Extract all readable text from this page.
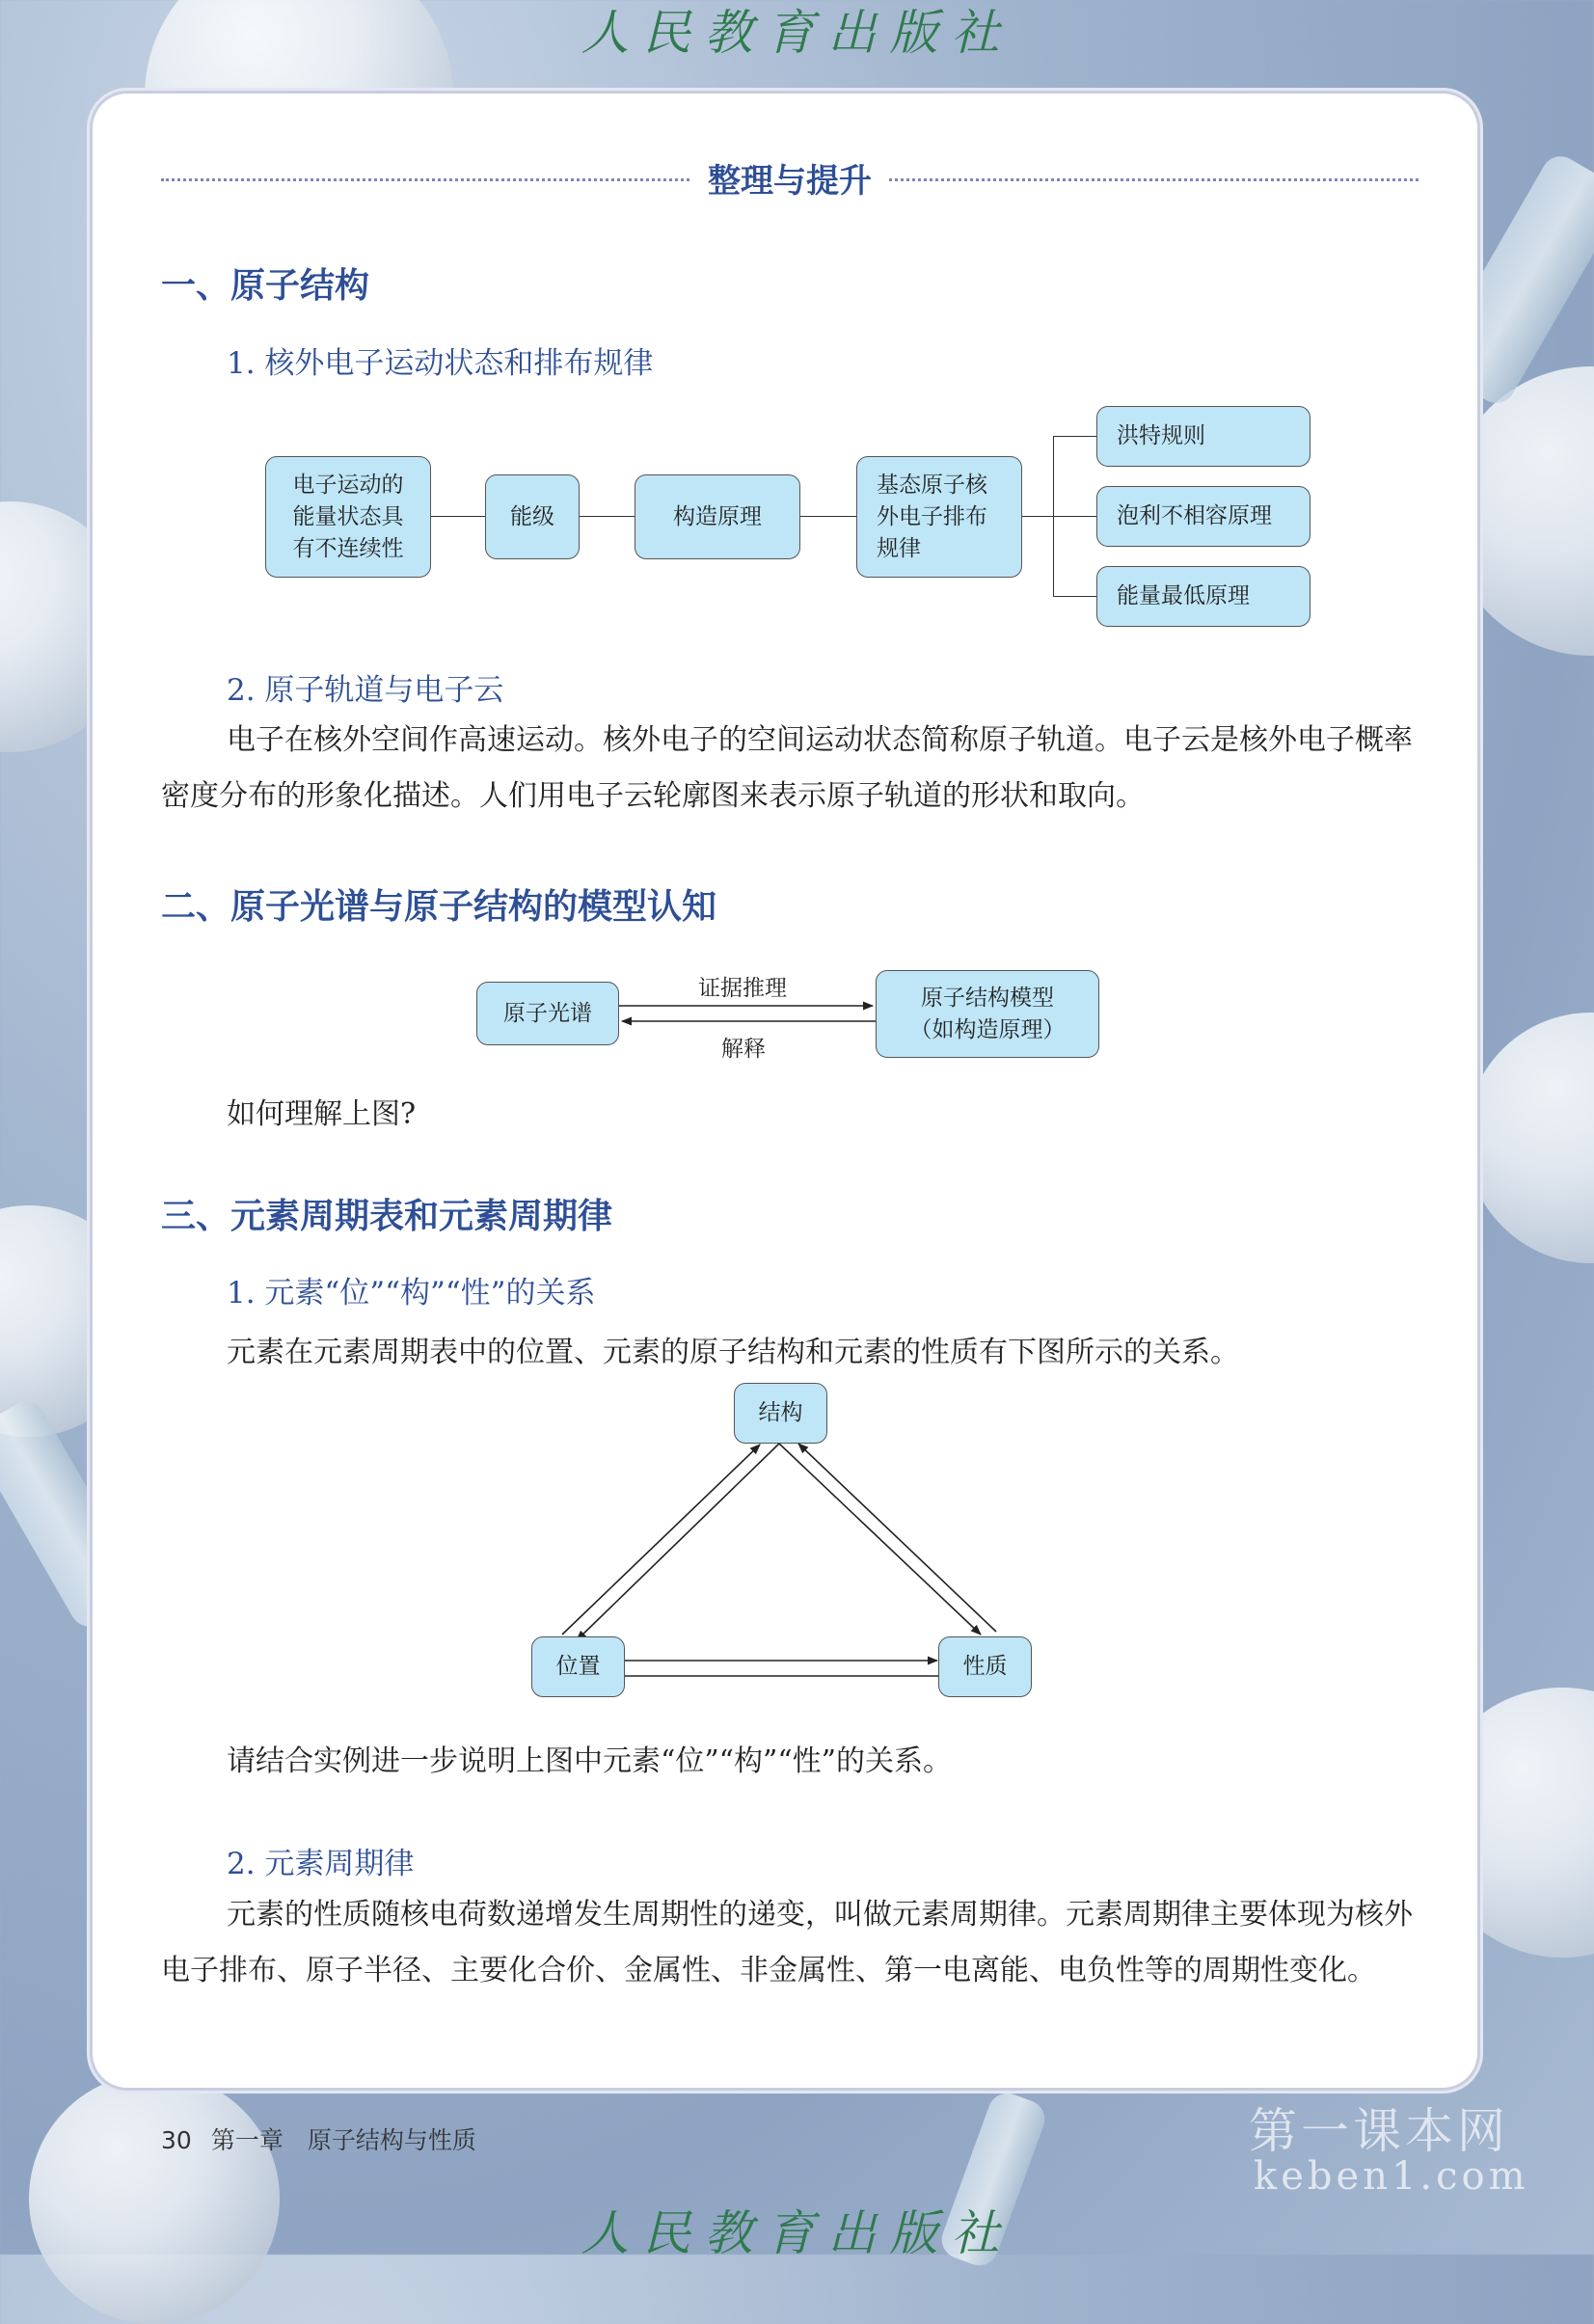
人民教育出版社
人民教育出版社
整理与提升
一、原子结构
1. 核外电子运动状态和排布规律
电子运动的
能量状态具
有不连续性
能级	构造原理
基态原子核
外电子排布
规律
洪特规则
泡利不相容原理
能量最低原理
2. 原子轨道与电子云
电子在核外空间作高速运动。核外电子的空间运动状态简称原子轨道。电子云是核外电子概率密度分布的形象化描述。人们用电子云轮廓图来表示原子轨道的形状和取向。
二、原子光谱与原子结构的模型认知
原子光谱
原子结构模型
（如构造原理）
证据推理
解释
如何理解上图?
三、元素周期表和元素周期律
1. 元素“位”“构”“性”的关系
元素在元素周期表中的位置、元素的原子结构和元素的性质有下图所示的关系。
结构
位置	性质
请结合实例进一步说明上图中元素“位”“构”“性”的关系。
2. 元素周期律
元素的性质随核电荷数递增发生周期性的递变，叫做元素周期律。元素周期律主要体现为核外电子排布、原子半径、主要化合价、金属性、非金属性、第一电离能、电负性等的周期性变化。
30 第一章　原子结构与性质	第一课本网
keben1.com
